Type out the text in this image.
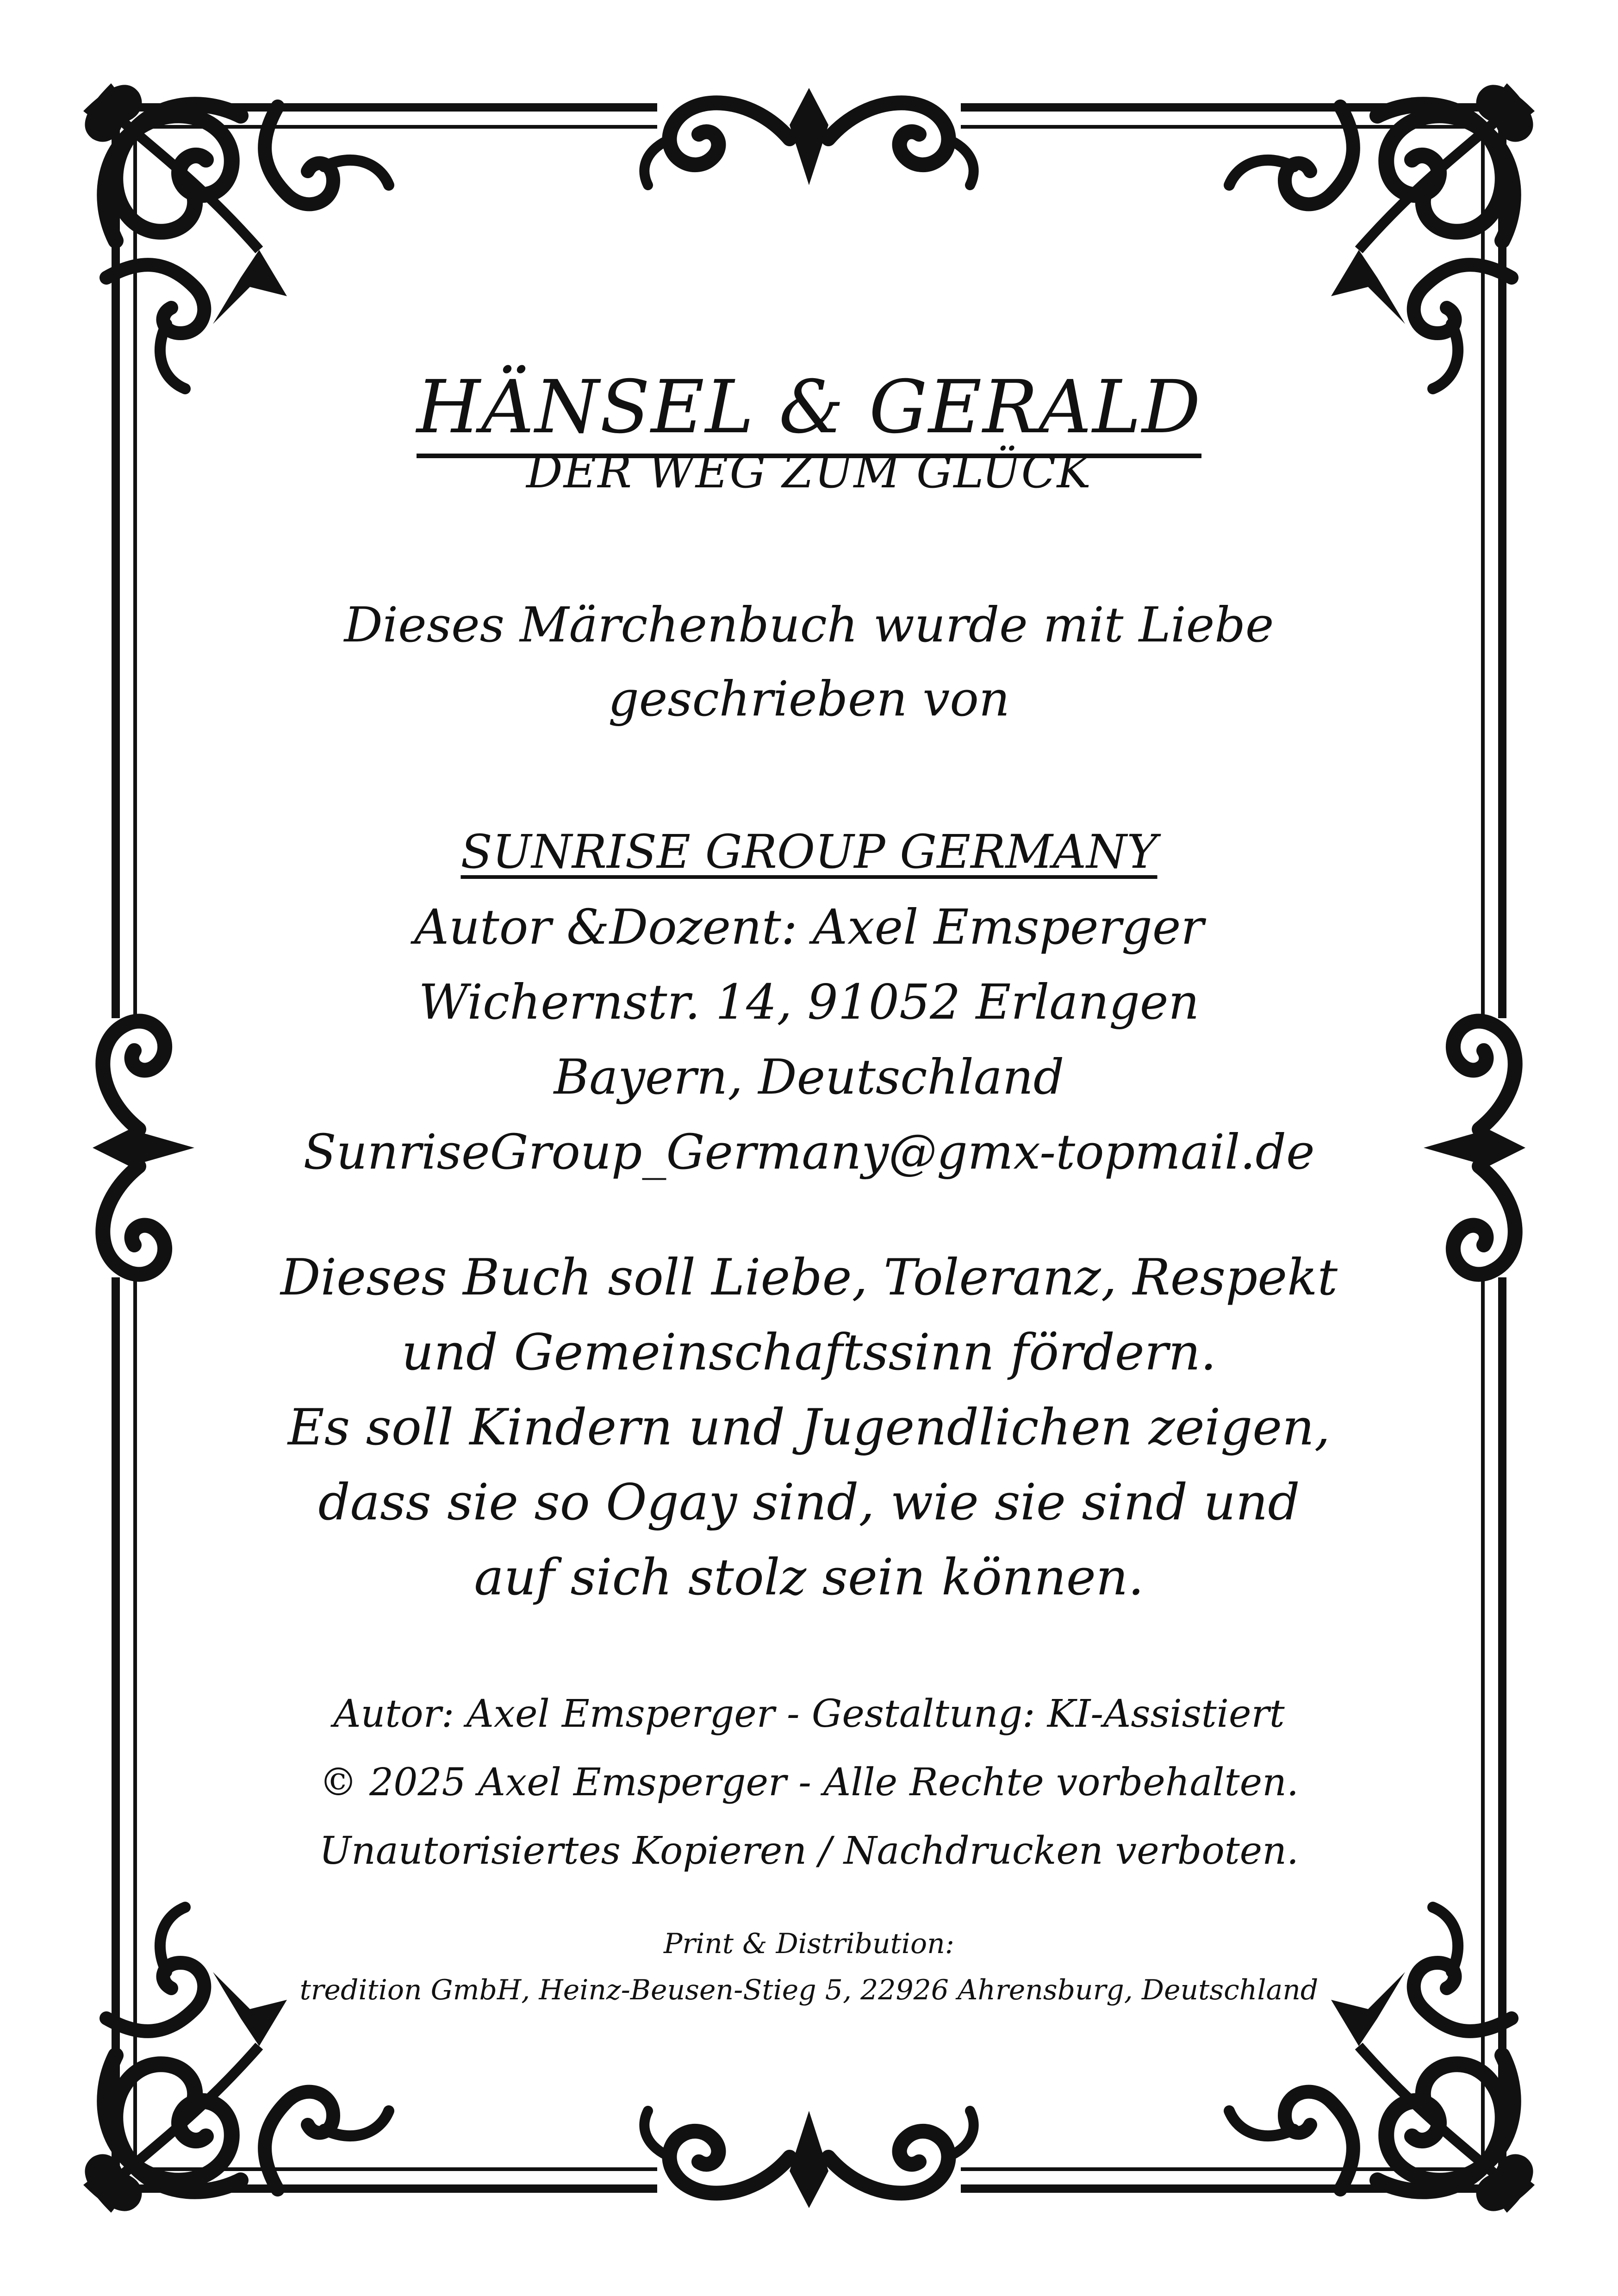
HÄNSEL & GERALD
DER WEG ZUM GLÜCK
Dieses Märchenbuch wurde mit Liebe
geschrieben von
SUNRISE GROUP GERMANY
Autor &Dozent: Axel Emsperger
Wichernstr. 14, 91052 Erlangen
Bayern, Deutschland
SunriseGroup_Germany@gmx-topmail.de
Dieses Buch soll Liebe, Toleranz, Respekt
und Gemeinschaftssinn fördern.
Es soll Kindern und Jugendlichen zeigen,
dass sie so Ogay sind, wie sie sind und
auf sich stolz sein können.
Autor: Axel Emsperger - Gestaltung: KI-Assistiert
© 2025 Axel Emsperger - Alle Rechte vorbehalten.
Unautorisiertes Kopieren / Nachdrucken verboten.
Print & Distribution:
tredition GmbH, Heinz-Beusen-Stieg 5, 22926 Ahrensburg, Deutschland
